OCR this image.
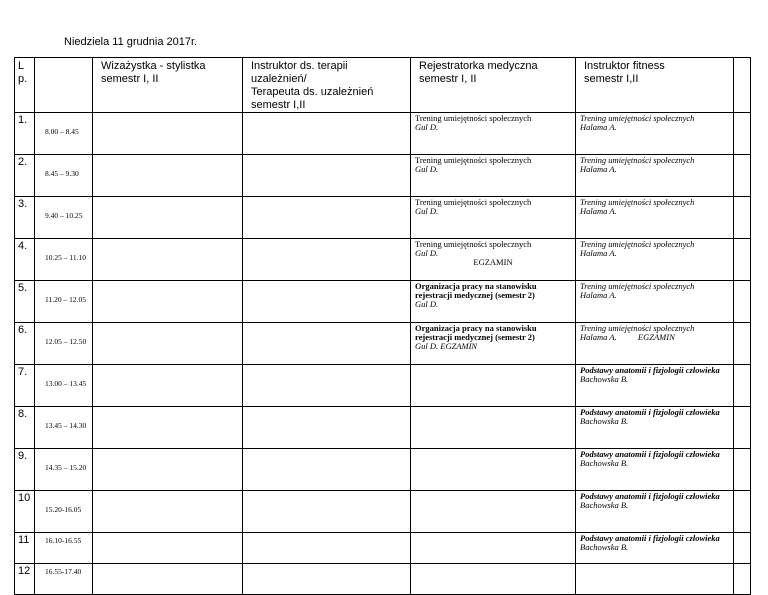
Niedziela 11 grudnia 2017r.
L
p.		Wizażystka - stylistka
semestr I, II	Instruktor ds. terapii uzależnień/
Terapeuta ds. uzależnień
semestr I,II	Rejestratorka medyczna
semestr I, II	Instruktor fitness
semestr I,II	
1.	8.00 – 8.45			Trening umiejętności społecznych
Gul D.	Trening umiejętności społecznych
Halama A.	
2.	8.45 – 9.30			Trening umiejętności społecznych
Gul D.	Trening umiejętności społecznych
Halama A.	
3.	9.40 – 10.25			Trening umiejętności społecznych
Gul D.	Trening umiejętności społecznych
Halama A.	
4.	10.25 – 11.10			Trening umiejętności społecznych
Gul D.
EGZAMIN	Trening umiejętności społecznych
Halama A.	
5.	11.20 – 12.05			Organizacja pracy na stanowisku rejestracji medycznej (semestr 2)
Gul D.	Trening umiejętności społecznych
Halama A.	
6.	12.05 – 12.50			Organizacja pracy na stanowisku rejestracji medycznej (semestr 2)
Gul D. EGZAMIN	Trening umiejętności społecznych
Halama A.          EGZAMIN	
7.	13.00 – 13.45				Podstawy anatomii i fizjologii człowieka
Bachowska B.	
8.	13.45 – 14.30				Podstawy anatomii i fizjologii człowieka
Bachowska B.	
9.	14.35 – 15.20				Podstawy anatomii i fizjologii człowieka
Bachowska B.	
10	15.20-16.05				Podstawy anatomii i fizjologii człowieka
Bachowska B.	
11	16.10-16.55				Podstawy anatomii i fizjologii człowieka
Bachowska B.	
12	16.55-17.40					
